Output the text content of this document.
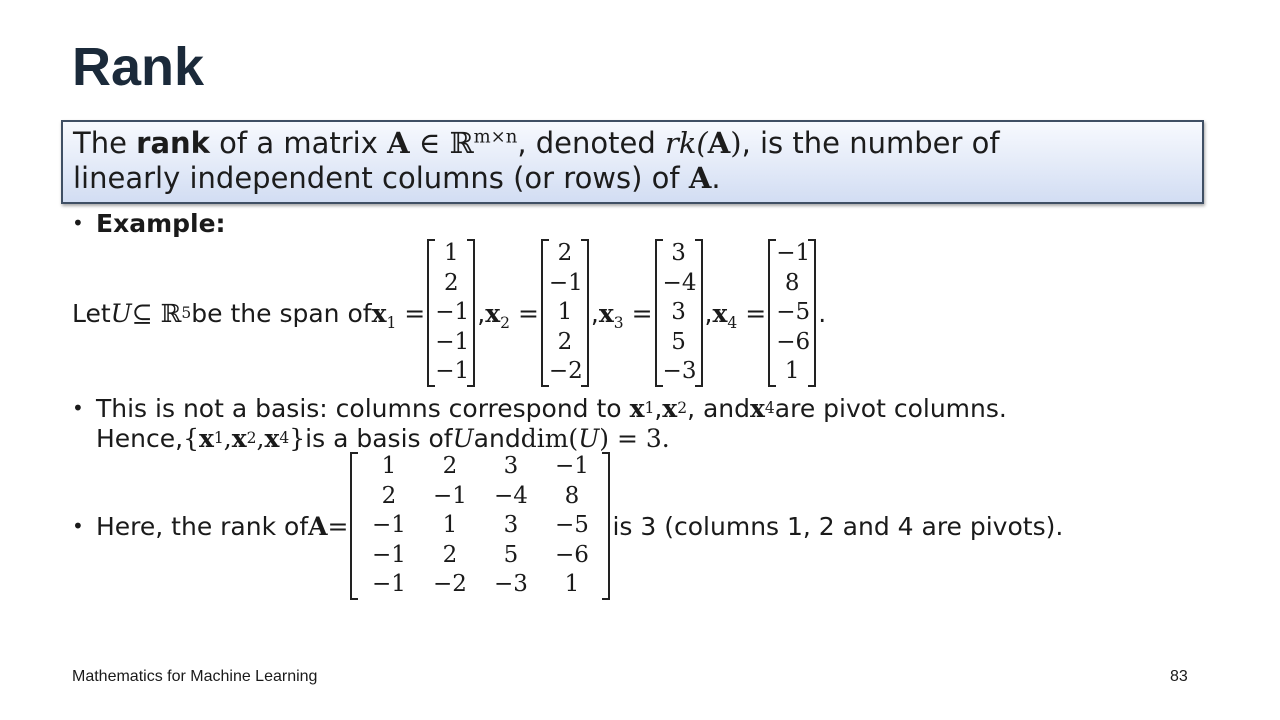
Rank
The rank of a matrix A ∈ ℝ$^{m\times n}$, denoted rk(A), is the number of
linearly independent columns (or rows) of A.
• Example:
Let U ⊆ ℝ 5 be the span of $x_1$ =
1
2
−1
−1
−1
, $x_2$ =
2
−1
1
2
−2
, $x_3$ =
3
−4
3
5
−3
, $x_4$ =
−1
8
−5
−6
1
.
• This is not a basis: columns correspond to
x 1 , x 2 , and x 4 are pivot columns.
Hence, { x 1 , x 2 , x 4 } is a basis of U and dim( U ) = 3.
• Here, the rank of A =
1
2
−1
−1
−1
2
−1
1
2
−2
3
−4
3
5
−3
−1
8
−5
−6
1
is 3 (columns 1, 2 and 4 are pivots).
Mathematics for Machine Learning	83
